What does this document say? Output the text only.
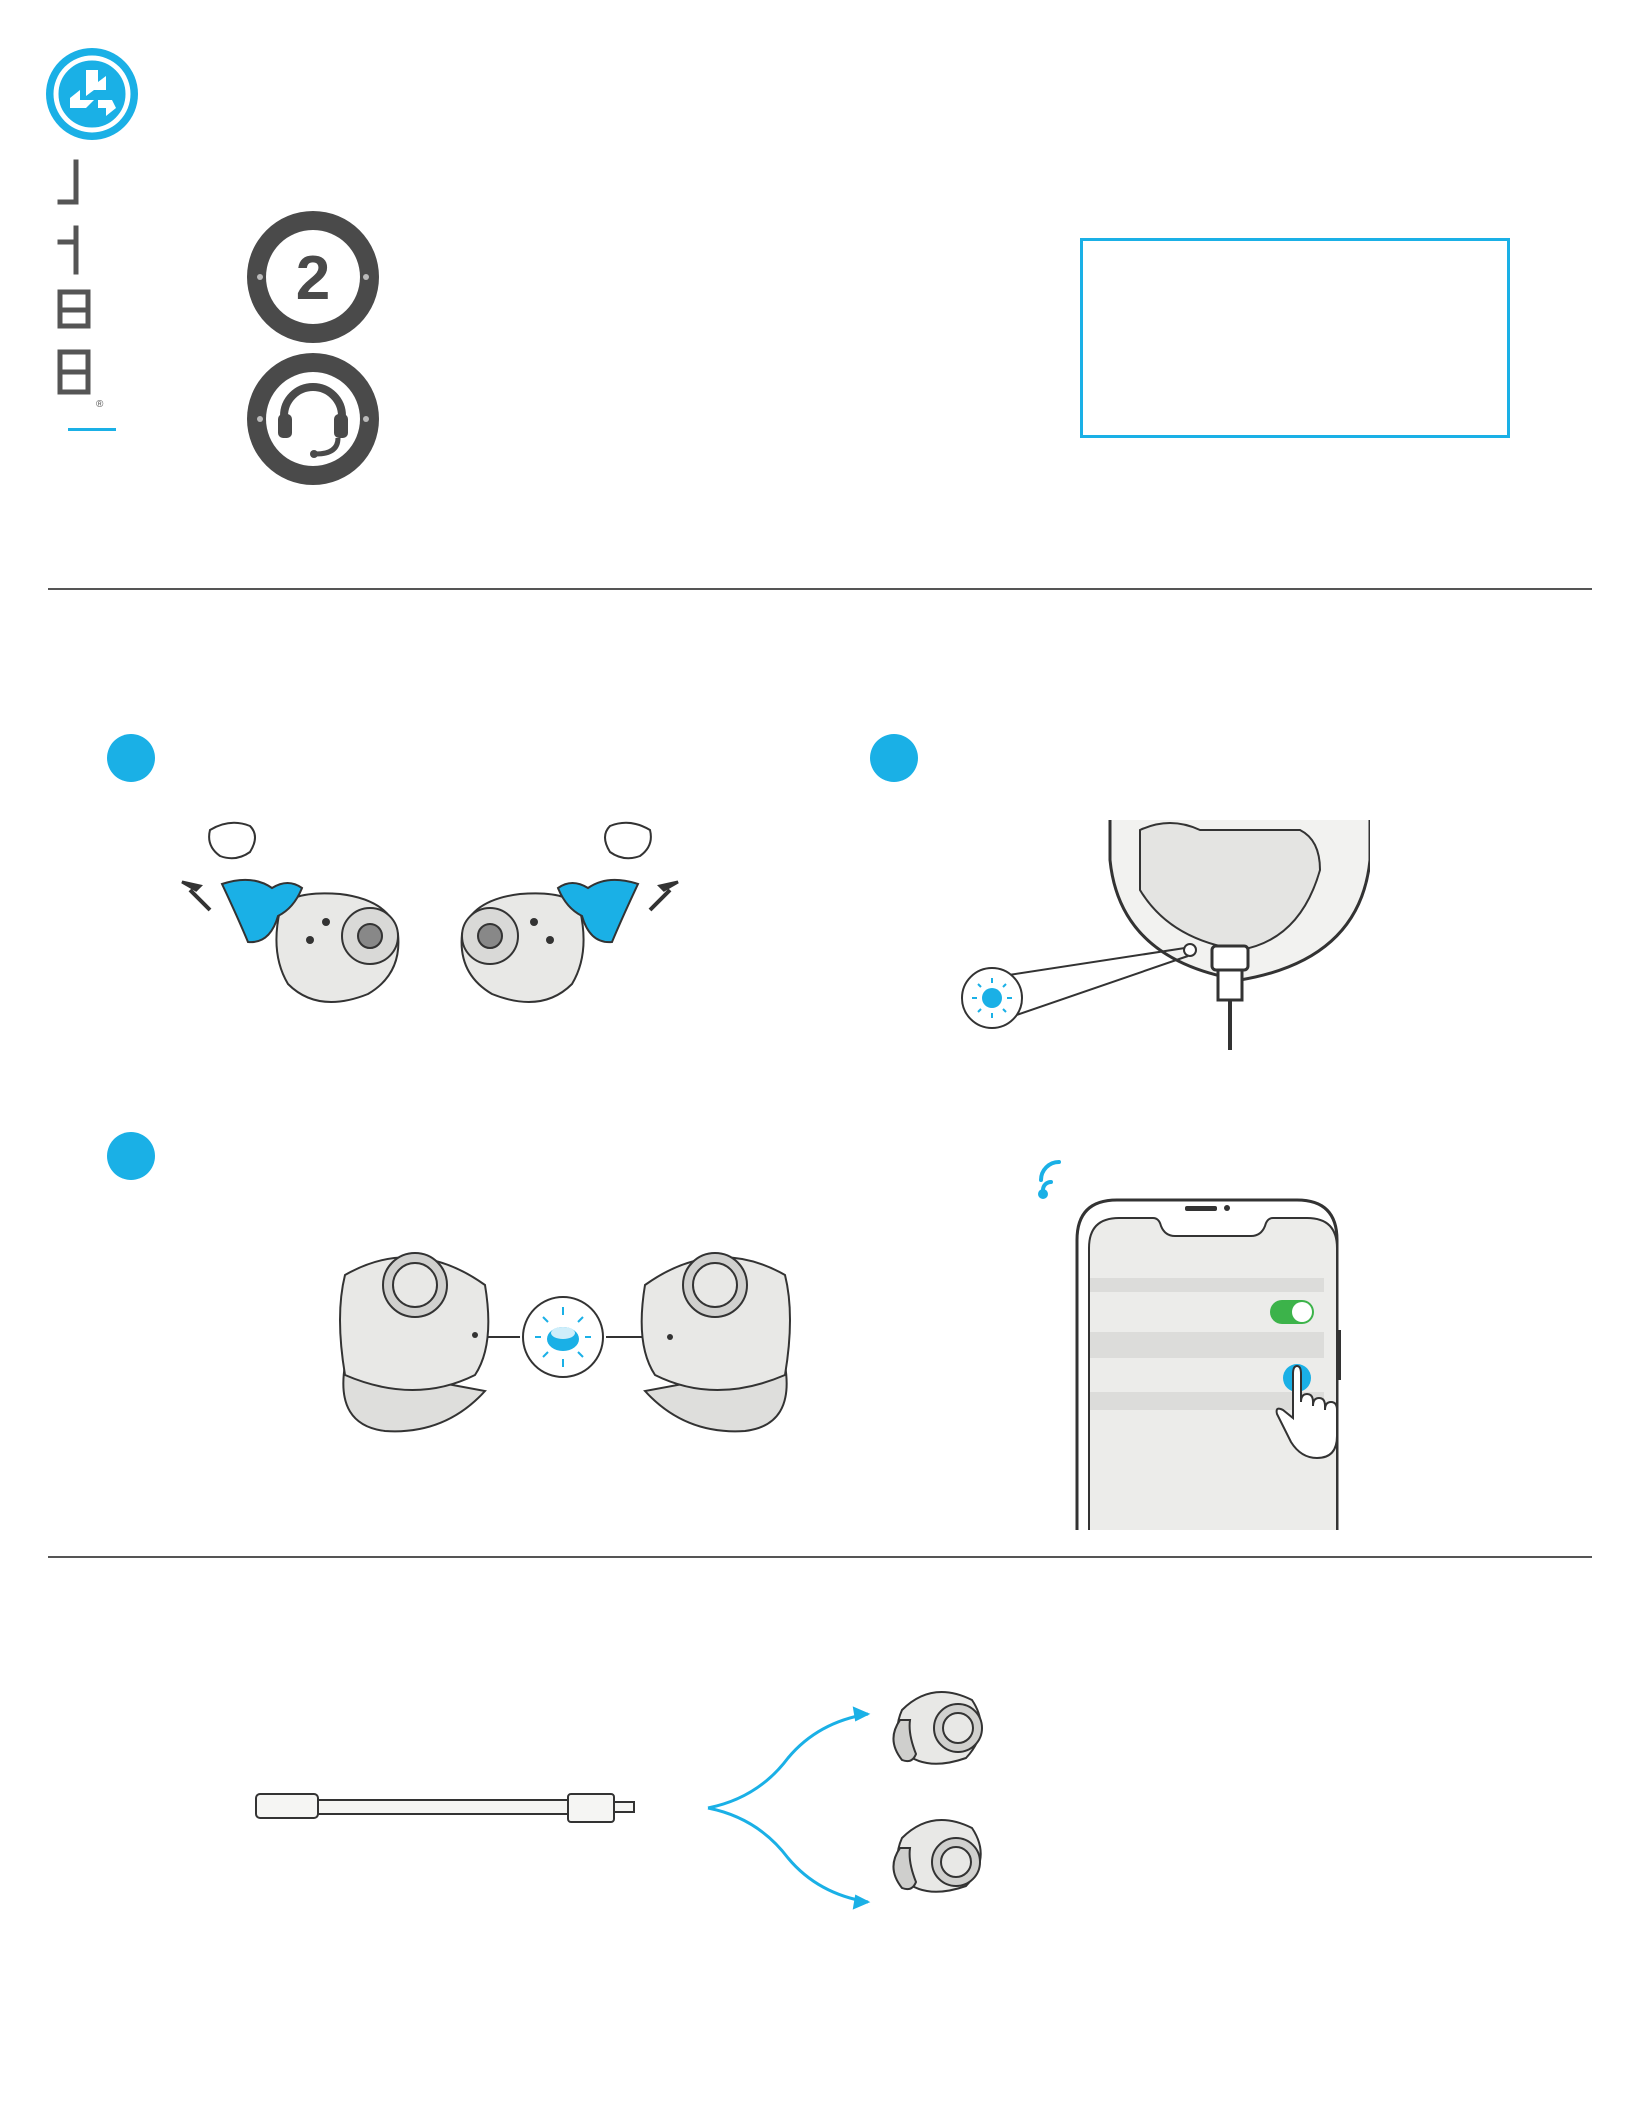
®
2
